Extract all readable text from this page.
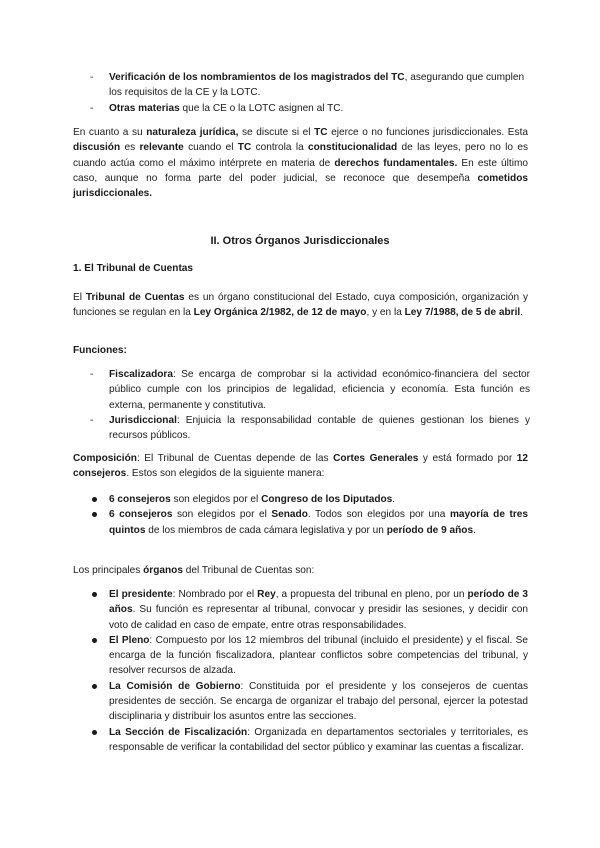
- Verificación de los nombramientos de los magistrados del TC, asegurando que cumplen los requisitos de la CE y la LOTC.
- Otras materias que la CE o la LOTC asignen al TC.

En cuanto a su naturaleza jurídica, se discute si el TC ejerce o no funciones jurisdiccionales. Esta discusión es relevante cuando el TC controla la constitucionalidad de las leyes, pero no lo es cuando actúa como el máximo intérprete en materia de derechos fundamentales. En este último caso, aunque no forma parte del poder judicial, se reconoce que desempeña cometidos jurisdiccionales.

II. Otros Órganos Jurisdiccionales
1. El Tribunal de Cuentas

El Tribunal de Cuentas es un órgano constitucional del Estado, cuya composición, organización y funciones se regulan en la Ley Orgánica 2/1982, de 12 de mayo, y en la Ley 7/1988, de 5 de abril.

Funciones:
- Fiscalizadora: Se encarga de comprobar si la actividad económico-financiera del sector público cumple con los principios de legalidad, eficiencia y economía. Esta función es externa, permanente y constitutiva.
- Jurisdiccional: Enjuicia la responsabilidad contable de quienes gestionan los bienes y recursos públicos.

Composición: El Tribunal de Cuentas depende de las Cortes Generales y está formado por 12 consejeros. Estos son elegidos de la siguiente manera:

6 consejeros son elegidos por el Congreso de los Diputados.
6 consejeros son elegidos por el Senado. Todos son elegidos por una mayoría de tres quintos de los miembros de cada cámara legislativa y por un período de 9 años.

Los principales órganos del Tribunal de Cuentas son:

El presidente: Nombrado por el Rey, a propuesta del tribunal en pleno, por un período de 3 años. Su función es representar al tribunal, convocar y presidir las sesiones, y decidir con voto de calidad en caso de empate, entre otras responsabilidades.
El Pleno: Compuesto por los 12 miembros del tribunal (incluido el presidente) y el fiscal. Se encarga de la función fiscalizadora, plantear conflictos sobre competencias del tribunal, y resolver recursos de alzada.
La Comisión de Gobierno: Constituida por el presidente y los consejeros de cuentas presidentes de sección. Se encarga de organizar el trabajo del personal, ejercer la potestad disciplinaria y distribuir los asuntos entre las secciones.
La Sección de Fiscalización: Organizada en departamentos sectoriales y territoriales, es responsable de verificar la contabilidad del sector público y examinar las cuentas a fiscalizar.
